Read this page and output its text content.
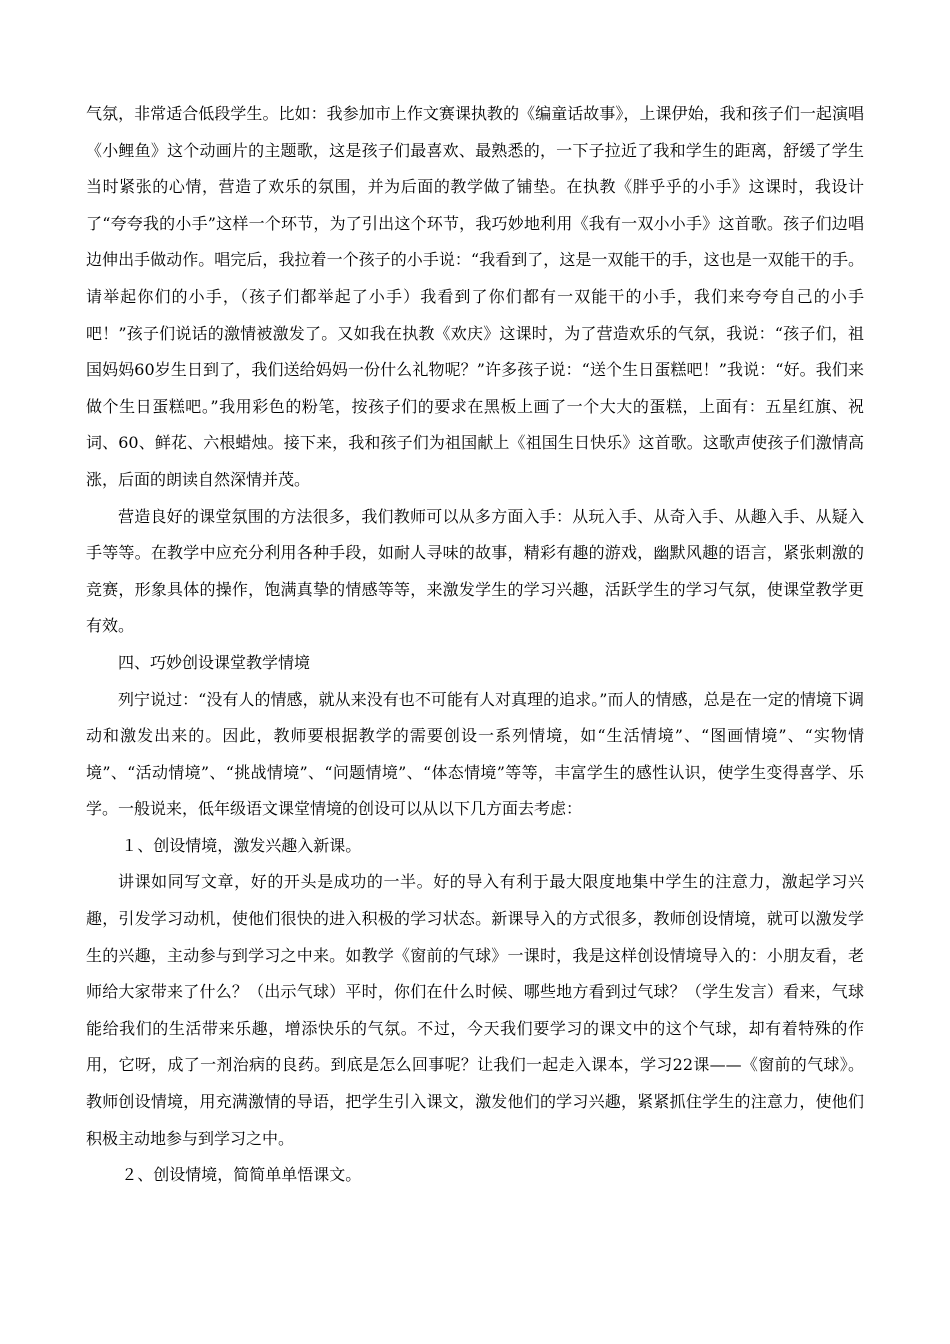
气氛，非常适合低段学生。比如：我参加市上作文赛课执教的《编童话故事》，上课伊始，我和孩子们一起演唱《小鲤鱼》这个动画片的主题歌，这是孩子们最喜欢、最熟悉的，一下子拉近了我和学生的距离，舒缓了学生当时紧张的心情，营造了欢乐的氛围，并为后面的教学做了铺垫。在执教《胖乎乎的小手》这课时，我设计了“夸夸我的小手”这样一个环节，为了引出这个环节，我巧妙地利用《我有一双小小手》这首歌。孩子们边唱边伸出手做动作。唱完后，我拉着一个孩子的小手说：“我看到了，这是一双能干的手，这也是一双能干的手。请举起你们的小手，（孩子们都举起了小手）我看到了你们都有一双能干的小手，我们来夸夸自己的小手吧！”孩子们说话的激情被激发了。又如我在执教《欢庆》这课时，为了营造欢乐的气氛，我说：“孩子们，祖国妈妈60岁生日到了，我们送给妈妈一份什么礼物呢？”许多孩子说：“送个生日蛋糕吧！”我说：“好。我们来做个生日蛋糕吧。”我用彩色的粉笔，按孩子们的要求在黑板上画了一个大大的蛋糕，上面有：五星红旗、祝词、60、鲜花、六根蜡烛。接下来，我和孩子们为祖国献上《祖国生日快乐》这首歌。这歌声使孩子们激情高涨，后面的朗读自然深情并茂。

营造良好的课堂氛围的方法很多，我们教师可以从多方面入手：从玩入手、从奇入手、从趣入手、从疑入手等等。在教学中应充分利用各种手段，如耐人寻味的故事，精彩有趣的游戏，幽默风趣的语言，紧张刺激的竞赛，形象具体的操作，饱满真挚的情感等等，来激发学生的学习兴趣，活跃学生的学习气氛，使课堂教学更有效。

四、巧妙创设课堂教学情境

列宁说过：“没有人的情感，就从来没有也不可能有人对真理的追求。”而人的情感，总是在一定的情境下调动和激发出来的。因此，教师要根据教学的需要创设一系列情境，如“生活情境”、“图画情境”、“实物情境”、“活动情境”、“挑战情境”、“问题情境”、“体态情境”等等，丰富学生的感性认识，使学生变得喜学、乐学。一般说来，低年级语文课堂情境的创设可以从以下几方面去考虑：

１、创设情境，激发兴趣入新课。

讲课如同写文章，好的开头是成功的一半。好的导入有利于最大限度地集中学生的注意力，激起学习兴趣，引发学习动机，使他们很快的进入积极的学习状态。新课导入的方式很多，教师创设情境，就可以激发学生的兴趣，主动参与到学习之中来。如教学《窗前的气球》一课时，我是这样创设情境导入的：小朋友看，老师给大家带来了什么？（出示气球）平时，你们在什么时候、哪些地方看到过气球？（学生发言）看来，气球能给我们的生活带来乐趣，增添快乐的气氛。不过，今天我们要学习的课文中的这个气球，却有着特殊的作用，它呀，成了一剂治病的良药。到底是怎么回事呢？让我们一起走入课本，学习22课——《窗前的气球》。教师创设情境，用充满激情的导语，把学生引入课文，激发他们的学习兴趣，紧紧抓住学生的注意力，使他们积极主动地参与到学习之中。

２、创设情境，简简单单悟课文。
